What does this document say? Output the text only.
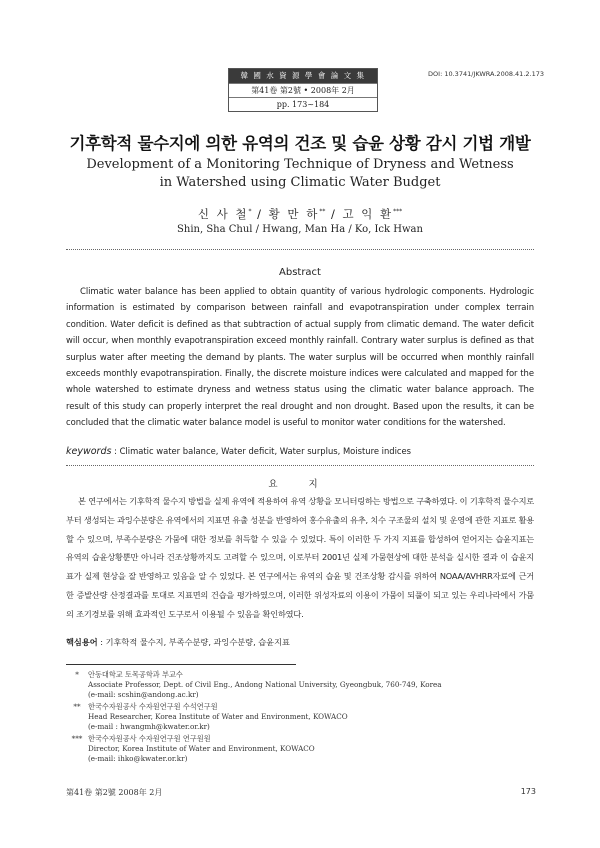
韓 國 水 資 源 學 會 論 文 集
第41卷 第2號 • 2008年 2月
pp. 173~184
DOI: 10.3741/JKWRA.2008.41.2.173
기후학적 물수지에 의한 유역의 건조 및 습윤 상황 감시 기법 개발
Development of a Monitoring Technique of Dryness and Wetness
in Watershed using Climatic Water Budget
신 사 철* / 황 만 하** / 고 익 환***
Shin, Sha Chul / Hwang, Man Ha / Ko, Ick Hwan
Abstract
Climatic water balance has been applied to obtain quantity of various hydrologic components. Hydrologic information is estimated by comparison between rainfall and evapotranspiration under complex terrain condition. Water deficit is defined as that subtraction of actual supply from climatic demand. The water deficit will occur, when monthly evapotranspiration exceed monthly rainfall. Contrary water surplus is defined as that surplus water after meeting the demand by plants. The water surplus will be occurred when monthly rainfall exceeds monthly evapotranspiration. Finally, the discrete moisture indices were calculated and mapped for the whole watershed to estimate dryness and wetness status using the climatic water balance approach. The result of this study can properly interpret the real drought and non drought. Based upon the results, it can be concluded that the climatic water balance model is useful to monitor water conditions for the watershed.
keywords : Climatic water balance, Water deficit, Water surplus, Moisture indices
요 지
본 연구에서는 기후학적 물수지 방법을 실제 유역에 적용하여 유역 상황을 모니터링하는 방법으로 구축하였다. 이 기후학적 물수지로부터 생성되는 과잉수분량은 유역에서의 지표면 유출 성분을 반영하여 홍수유출의 유추, 치수 구조물의 설치 및 운영에 관한 지표로 활용할 수 있으며, 부족수분량은 가뭄에 대한 정보를 취득할 수 있을 수 있었다. 특이 이러한 두 가지 지표를 합성하여 얻어지는 습윤지표는 유역의 습윤상황뿐만 아니라 건조상황까지도 고려할 수 있으며, 이로부터 2001년 실제 가뭄현상에 대한 분석을 실시한 결과 이 습윤지표가 실제 현상을 잘 반영하고 있음을 알 수 있었다. 본 연구에서는 유역의 습윤 및 건조상황 감시를 위하여 NOAA/AVHRR자료에 근거한 증발산량 산정결과를 토대로 지표면의 건습을 평가하였으며, 이러한 위성자료의 이용이 가뭄이 되풀이 되고 있는 우리나라에서 가뭄의 조기경보를 위해 효과적인 도구로서 이용될 수 있음을 확인하였다.
핵심용어 : 기후학적 물수지, 부족수분량, 과잉수분량, 습윤지표
*	안동대학교 토목공학과 부교수
Associate Professor, Dept. of Civil Eng., Andong National University, Gyeongbuk, 760-749, Korea
(e-mail: scshin@andong.ac.kr)
**	한국수자원공사 수자원연구원 수석연구원
Head Researcher, Korea Institute of Water and Environment, KOWACO
(e-mail : hwangmh@kwater.or.kr)
*** 한국수자원공사 수자원연구원 연구원원
Director, Korea Institute of Water and Environment, KOWACO
(e-mail: ihko@kwater.or.kr)
第41卷 第2號 2008年 2月	173
